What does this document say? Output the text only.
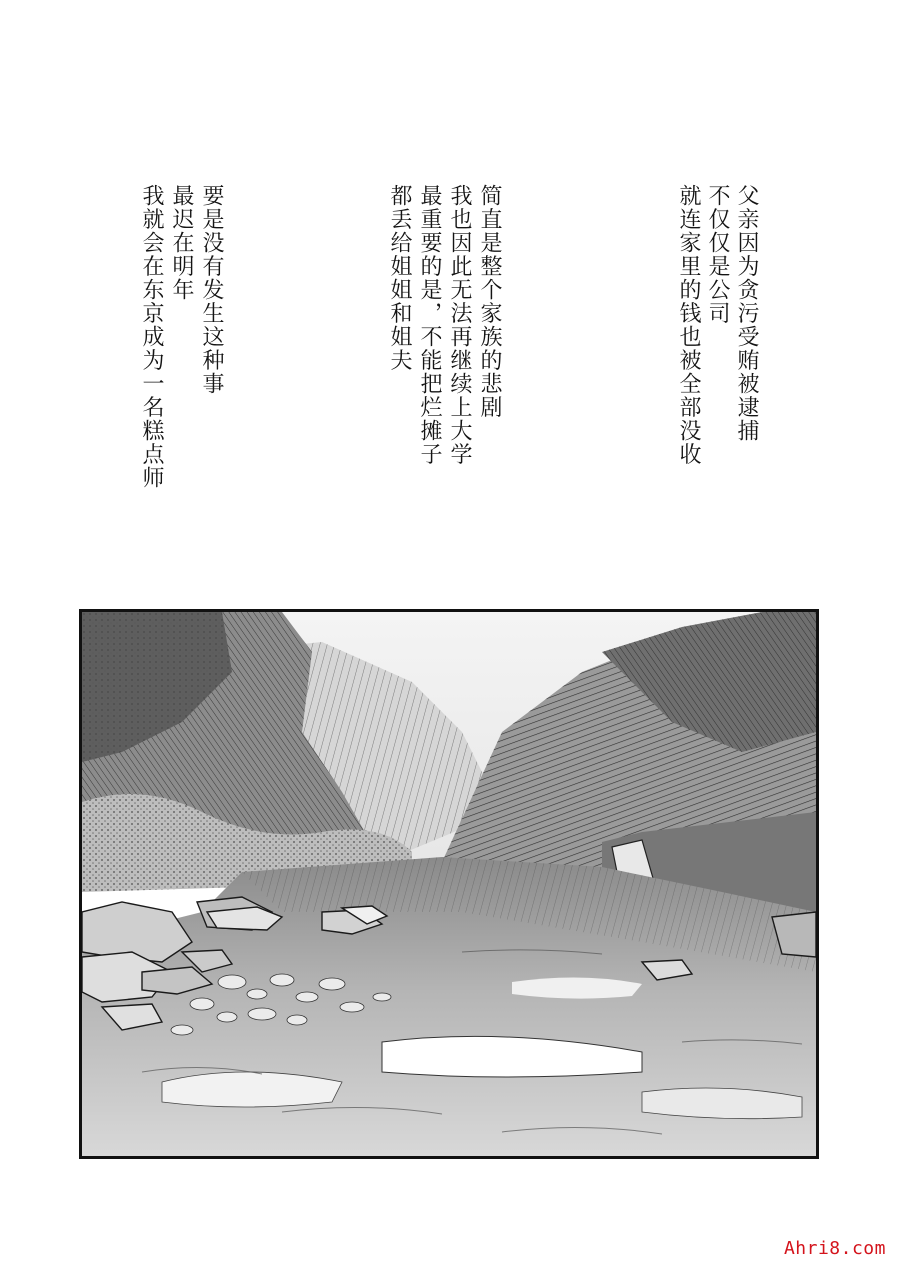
父亲因为贪污受贿被逮捕
不仅仅是公司
就连家里的钱也被全部没收
简直是整个家族的悲剧
我也因此无法再继续上大学
最重要的是，不能把烂摊子
都丢给姐姐和姐夫
要是没有发生这种事
最迟在明年
我就会在东京成为一名糕点师
Ahri8.com
